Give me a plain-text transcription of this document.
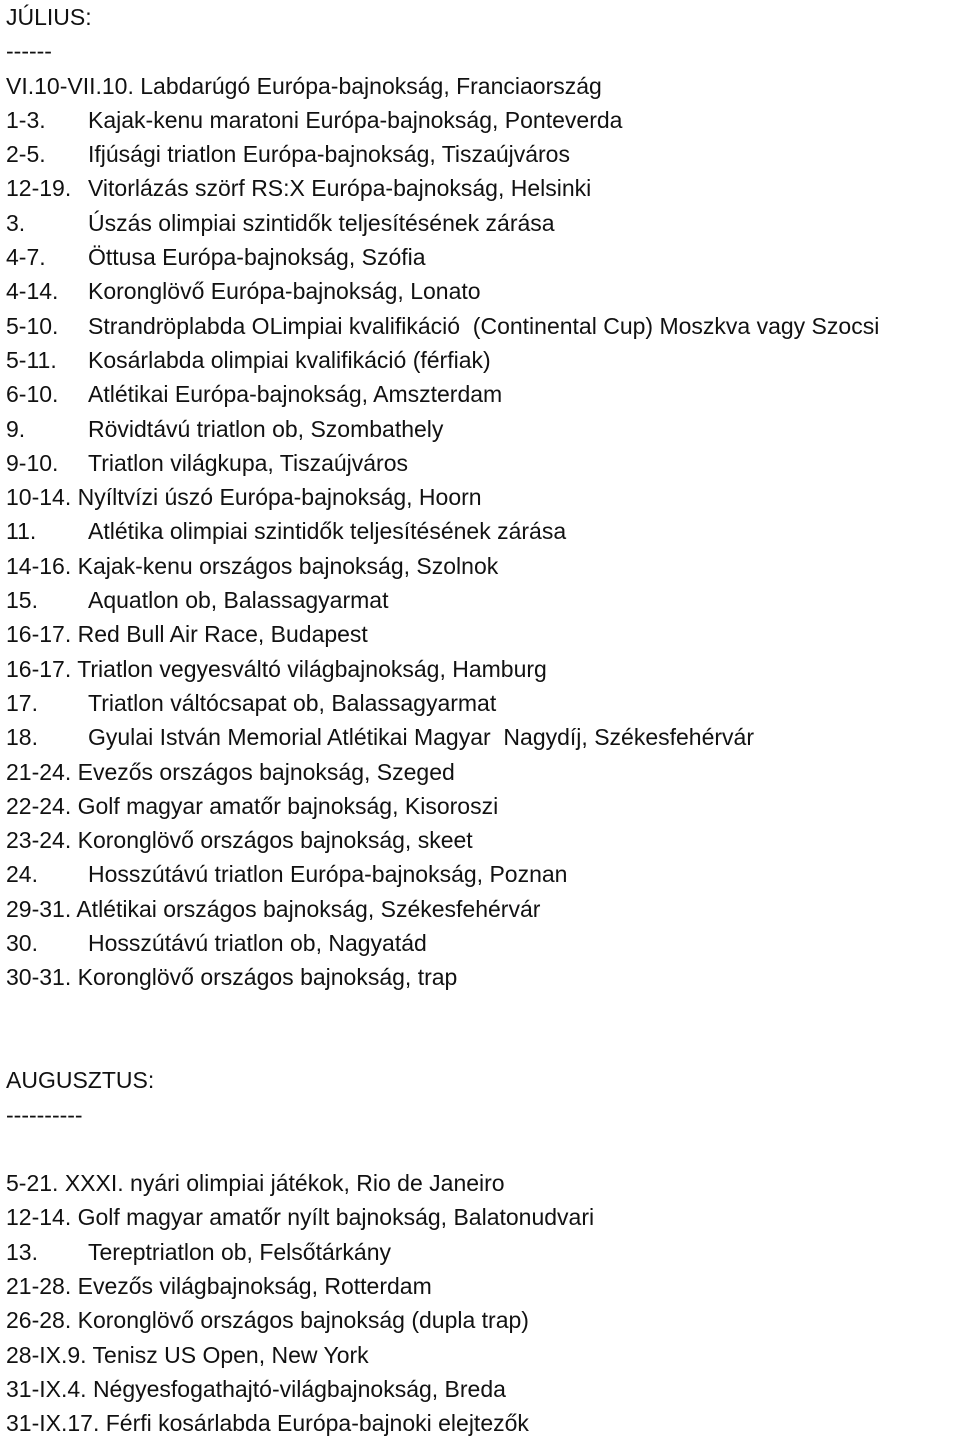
JÚLIUS:
------
VI.10-VII.10. Labdarúgó Európa-bajnokság, Franciaország
1-3. Kajak-kenu maratoni Európa-bajnokság, Ponteverda
2-5. Ifjúsági triatlon Európa-bajnokság, Tiszaújváros
12-19. Vitorlázás szörf RS:X Európa-bajnokság, Helsinki
3.	Úszás olimpiai szintidők teljesítésének zárása
4-7. Öttusa Európa-bajnokság, Szófia
4-14. Koronglövő Európa-bajnokság, Lonato
5-10. Strandröplabda OLimpiai kvalifikáció  (Continental Cup) Moszkva vagy Szocsi
5-11. Kosárlabda olimpiai kvalifikáció (férfiak)
6-10. Atlétikai Európa-bajnokság, Amszterdam
9.	Rövidtávú triatlon ob, Szombathely
9-10. Triatlon világkupa, Tiszaújváros
10-14. Nyíltvízi úszó Európa-bajnokság, Hoorn
11. Atlétika olimpiai szintidők teljesítésének zárása
14-16. Kajak-kenu országos bajnokság, Szolnok
15. Aquatlon ob, Balassagyarmat
16-17. Red Bull Air Race, Budapest
16-17. Triatlon vegyesváltó világbajnokság, Hamburg
17. Triatlon váltócsapat ob, Balassagyarmat
18. Gyulai István Memorial Atlétikai Magyar  Nagydíj, Székesfehérvár
21-24. Evezős országos bajnokság, Szeged
22-24. Golf magyar amatőr bajnokság, Kisoroszi
23-24. Koronglövő országos bajnokság, skeet
24. Hosszútávú triatlon Európa-bajnokság, Poznan
29-31. Atlétikai országos bajnokság, Székesfehérvár
30. Hosszútávú triatlon ob, Nagyatád
30-31. Koronglövő országos bajnokság, trap
AUGUSZTUS:
----------
5-21. XXXI. nyári olimpiai játékok, Rio de Janeiro
12-14. Golf magyar amatőr nyílt bajnokság, Balatonudvari
13. Tereptriatlon ob, Felsőtárkány
21-28. Evezős világbajnokság, Rotterdam
26-28. Koronglövő országos bajnokság (dupla trap)
28-IX.9. Tenisz US Open, New York
31-IX.4. Négyesfogathajtó-világbajnokság, Breda
31-IX.17. Férfi kosárlabda Európa-bajnoki elejtezők
